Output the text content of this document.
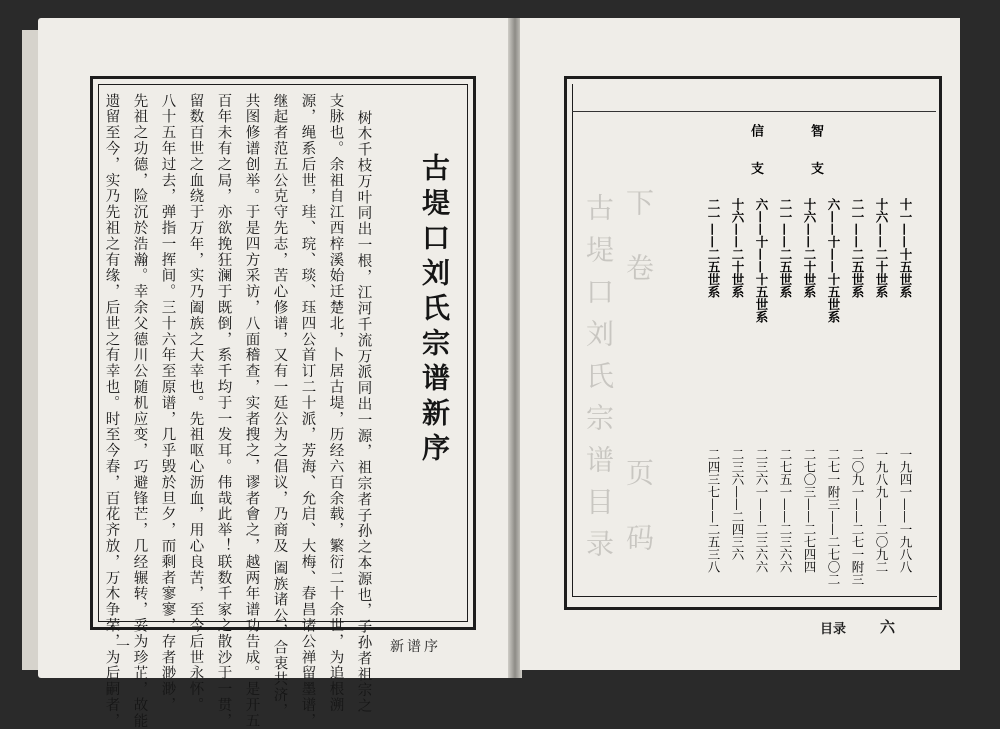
古堤口刘氏宗谱新序
树木千枝万叶同出一根，江河千流万派同出一源，祖宗者子孙之本源也，子孙者祖宗之
支脉也。余祖自江西梓溪始迁楚北，卜居古堤，历经六百余载，繁衍二十余世，为追根溯
源，绳系后世，珪、琓、琰、珏四公首订二十派，芳海、允启、大梅、春昌诸公禅留墨谱，
继起者范五公克守先志，苦心修谱，又有一廷公为之倡议，乃商及 阖族诸公，合衷共济，
共图修谱创举。于是四方采访，八面稽查，实者搜之，谬者會之，越两年谱功告成。是开五
百年未有之局，亦欲挽狂澜于既倒，系千均于一发耳。伟哉此举！联数千家之散沙于一贯，
留数百世之血绕于万年，实乃阖族之大幸也。先祖呕心沥血，用心良苦，至今后世永怀。
八十五年过去，弹指一挥间。三十六年至原谱，几乎毁於旦夕，而剩者寥寥，存者渺渺，
先祖之功德，险沉於浩瀚。幸余父德川公随机应变，巧避锋芒，几经辗转，妥为珍芷，故能
遗留至今，实乃先祖之有缘，后世之有幸也。时至今春，百花齐放，万木争荣，为后嗣者，
一	新谱序
古堤口刘氏宗谱目录 下 卷
页 码
智 支
信 支
十一——十五世系
十六——二十世系
二一——二五世系
六——十——十五世系
十六——二十世系
二一——二五世系
六——十——十五世系
十六——二十世系
二一——二五世系
一九四一——一九八八
一九八九——二〇九二
二〇九一——二七一附三
二七一附三——二七〇二
二七〇三——二七四四
二七五一——二三六六
二三六一——二三六六
二三六——二四三六
二四三七——二五三八
目录 六
